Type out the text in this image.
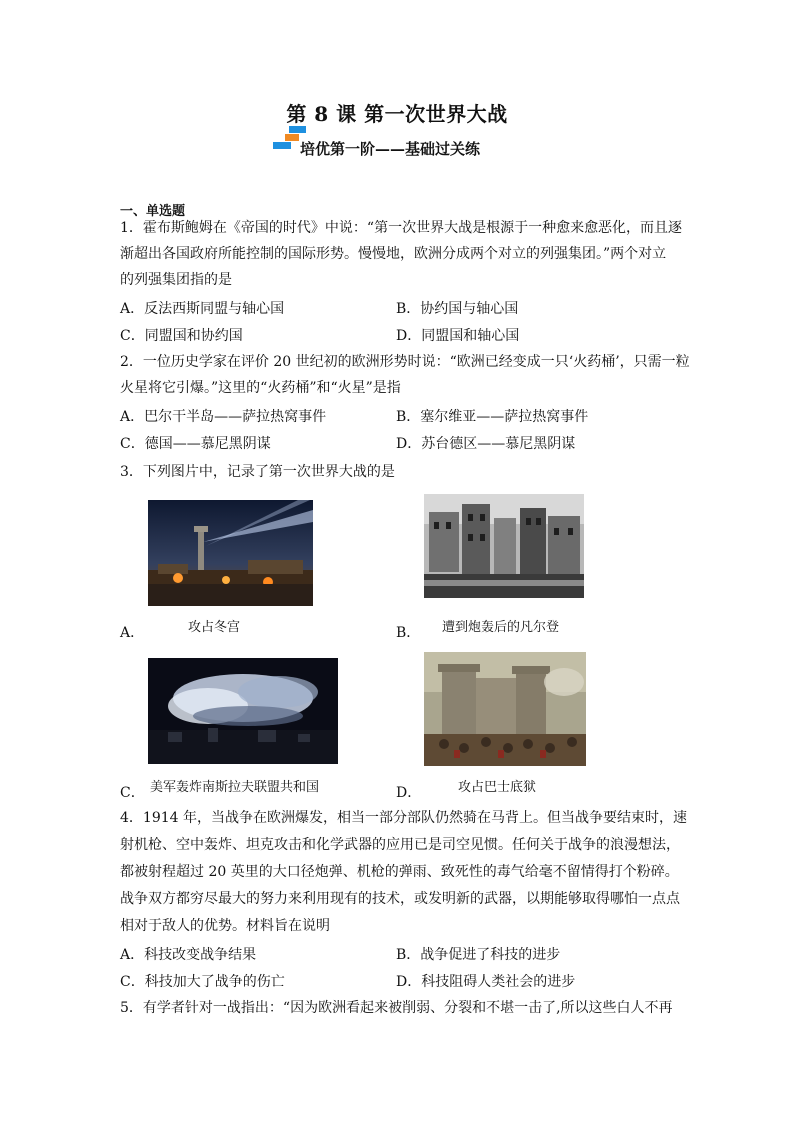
第 8 课 第一次世界大战
培优第一阶——基础过关练
一、单选题
1．霍布斯鲍姆在《帝国的时代》中说：“第一次世界大战是根源于一种愈来愈恶化，而且逐
渐超出各国政府所能控制的国际形势。慢慢地，欧洲分成两个对立的列强集团。”两个对立
的列强集团指的是
A．反法西斯同盟与轴心国	B．协约国与轴心国
C．同盟国和协约国	D．同盟国和轴心国
2．一位历史学家在评价 20 世纪初的欧洲形势时说：“欧洲已经变成一只‘火药桶’，只需一粒
火星将它引爆。”这里的“火药桶”和“火星”是指
A．巴尔干半岛——萨拉热窝事件	B．塞尔维亚——萨拉热窝事件
C．德国——慕尼黑阴谋	D．苏台德区——慕尼黑阴谋
3．下列图片中，记录了第一次世界大战的是
A．	攻占冬宫	B． 遭到炮轰后的凡尔登
C． 美军轰炸南斯拉夫联盟共和国	D．	攻占巴士底狱
4．1914 年，当战争在欧洲爆发，相当一部分部队仍然骑在马背上。但当战争要结束时，速
射机枪、空中轰炸、坦克攻击和化学武器的应用已是司空见惯。任何关于战争的浪漫想法，
都被射程超过 20 英里的大口径炮弹、机枪的弹雨、致死性的毒气给毫不留情得打个粉碎。
战争双方都穷尽最大的努力来利用现有的技术，或发明新的武器，以期能够取得哪怕一点点
相对于敌人的优势。材料旨在说明
A．科技改变战争结果	B．战争促进了科技的进步
C．科技加大了战争的伤亡	D．科技阻碍人类社会的进步
5．有学者针对一战指出：“因为欧洲看起来被削弱、分裂和不堪一击了,所以这些白人不再
